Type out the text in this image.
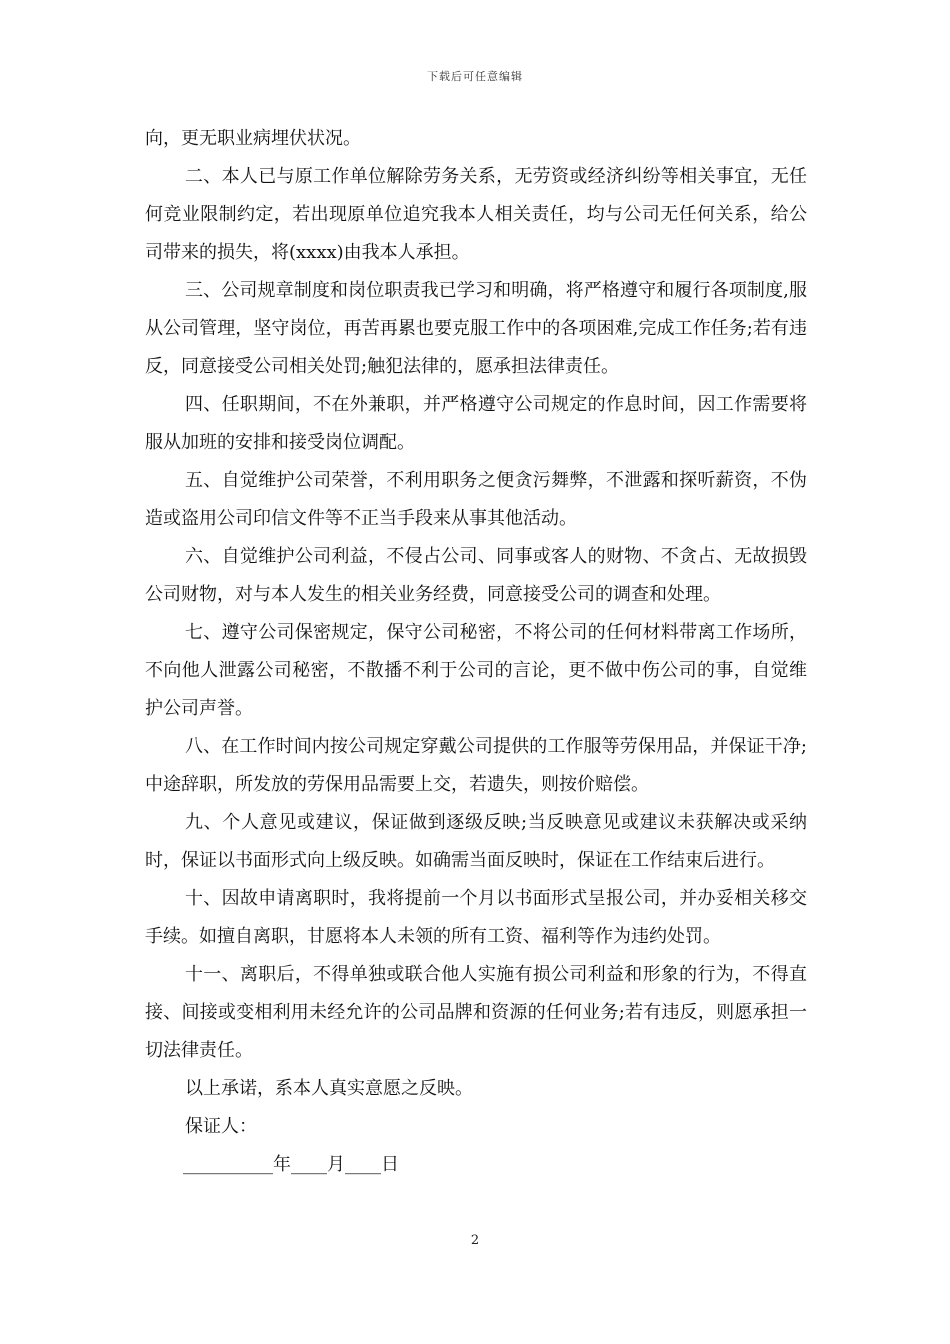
下载后可任意编辑

向，更无职业病埋伏状况。

二、本人已与原工作单位解除劳务关系，无劳资或经济纠纷等相关事宜，无任何竞业限制约定，若出现原单位追究我本人相关责任，均与公司无任何关系，给公司带来的损失，将(xxxx)由我本人承担。

三、公司规章制度和岗位职责我已学习和明确，将严格遵守和履行各项制度,服从公司管理，坚守岗位，再苦再累也要克服工作中的各项困难,完成工作任务;若有违反，同意接受公司相关处罚;触犯法律的，愿承担法律责任。

四、任职期间，不在外兼职，并严格遵守公司规定的作息时间，因工作需要将服从加班的安排和接受岗位调配。

五、自觉维护公司荣誉，不利用职务之便贪污舞弊，不泄露和探听薪资，不伪造或盗用公司印信文件等不正当手段来从事其他活动。

六、自觉维护公司利益，不侵占公司、同事或客人的财物、不贪占、无故损毁公司财物，对与本人发生的相关业务经费，同意接受公司的调查和处理。

七、遵守公司保密规定，保守公司秘密，不将公司的任何材料带离工作场所，不向他人泄露公司秘密，不散播不利于公司的言论，更不做中伤公司的事，自觉维护公司声誉。

八、在工作时间内按公司规定穿戴公司提供的工作服等劳保用品，并保证干净;中途辞职，所发放的劳保用品需要上交，若遗失，则按价赔偿。

九、个人意见或建议，保证做到逐级反映;当反映意见或建议未获解决或采纳时，保证以书面形式向上级反映。如确需当面反映时，保证在工作结束后进行。

十、因故申请离职时，我将提前一个月以书面形式呈报公司，并办妥相关移交手续。如擅自离职，甘愿将本人未领的所有工资、福利等作为违约处罚。

十一、离职后，不得单独或联合他人实施有损公司利益和形象的行为，不得直接、间接或变相利用未经允许的公司品牌和资源的任何业务;若有违反，则愿承担一切法律责任。

以上承诺，系本人真实意愿之反映。

保证人：

__________年____月____日

2
